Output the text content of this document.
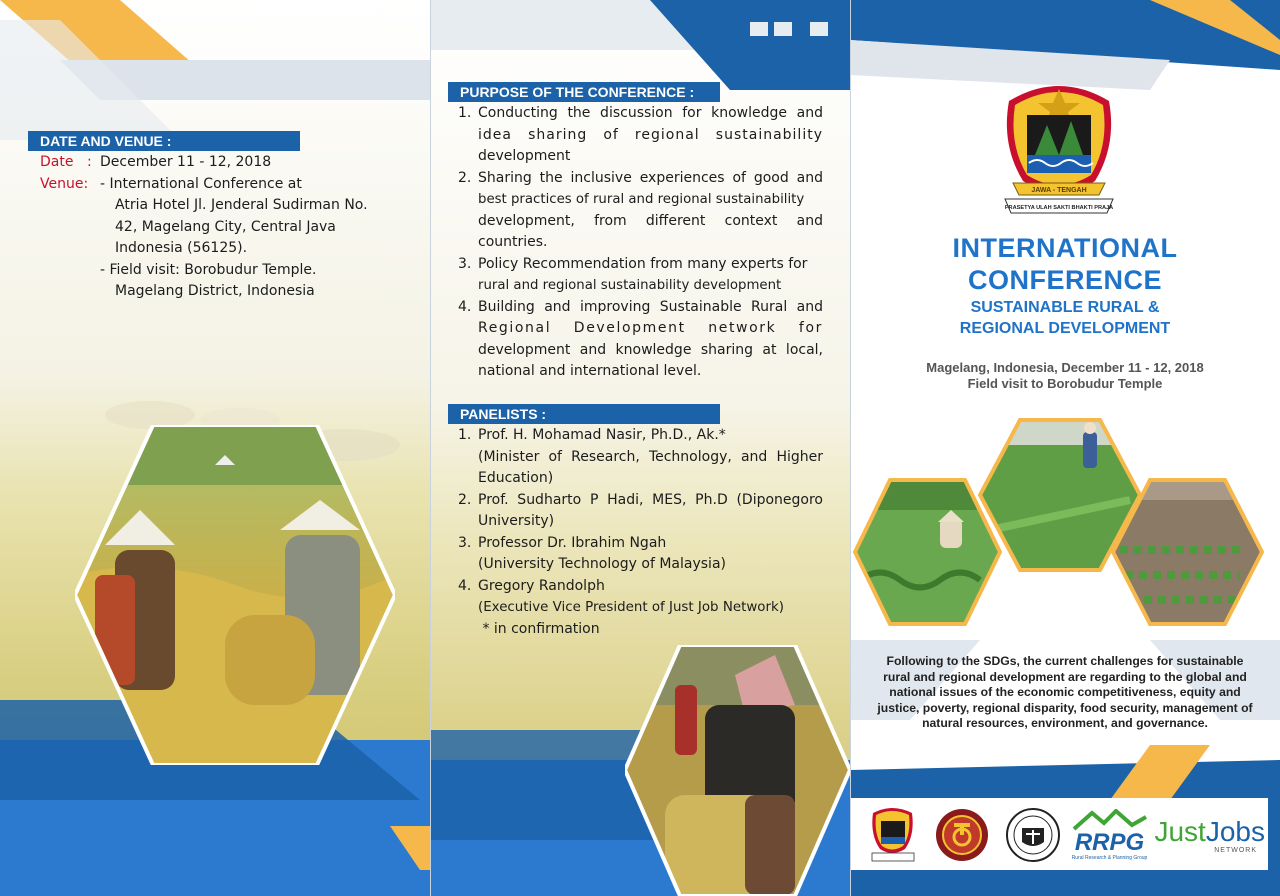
DATE AND VENUE :
Date : December 11 - 12, 2018
Venue: - International Conference at
Atria Hotel Jl. Jenderal Sudirman No.
42, Magelang City, Central Java
Indonesia (56125).
- Field visit: Borobudur Temple.
Magelang District, Indonesia
PURPOSE OF THE CONFERENCE :
1. Conducting the discussion for knowledge and
idea sharing of regional sustainability
development
2. Sharing the inclusive experiences of good and
best practices of rural and regional sustainability
development, from different context and
countries.
3. Policy Recommendation from many experts for
rural and regional sustainability development
4. Building and improving Sustainable Rural and
Regional Development network for
development and knowledge sharing at local,
national and international level.
PANELISTS :
1. Prof. H. Mohamad Nasir, Ph.D., Ak.*
(Minister of Research, Technology, and Higher
Education)
2. Prof. Sudharto P Hadi, MES, Ph.D (Diponegoro
University)
3. Professor Dr. Ibrahim Ngah
(University Technology of Malaysia)
4. Gregory Randolph
(Executive Vice President of Just Job Network)
* in confirmation
JAWA - TENGAH
PRASETYA ULAH SAKTI BHAKTI PRAJA
INTERNATIONAL
CONFERENCE
SUSTAINABLE RURAL &
REGIONAL DEVELOPMENT
Magelang, Indonesia, December 11 - 12, 2018
Field visit to Borobudur Temple
Following to the SDGs, the current challenges for sustainable
rural and regional development are regarding to the global and
national issues of the economic competitiveness, equity and
justice, poverty, regional disparity, food security, management of
natural resources, environment, and governance.
RRPG
Rural Research & Planning Group
JustJobs
NETWORK
